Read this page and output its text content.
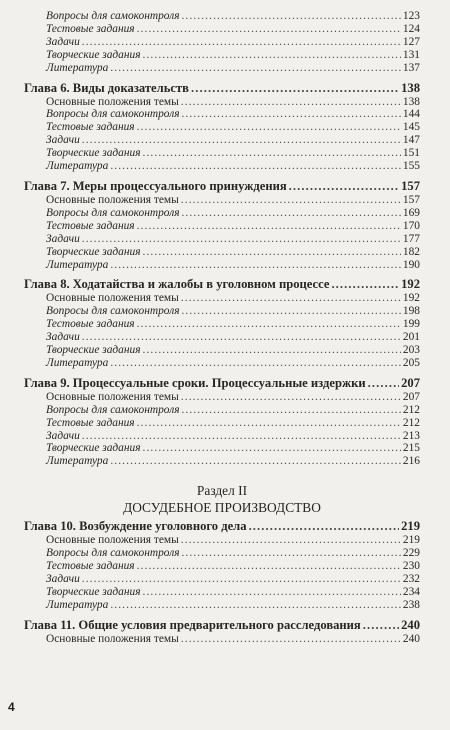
Вопросы для самоконтроля .....	123
Тестовые задания .....	124
Задачи .....	127
Творческие задания .....	131
Литература .....	137
Глава 6. Виды доказательств .....	138
Основные положения темы .....	138
Вопросы для самоконтроля .....	144
Тестовые задания .....	145
Задачи .....	147
Творческие задания .....	151
Литература .....	155
Глава 7. Меры процессуального принуждения .....	157
Основные положения темы .....	157
Вопросы для самоконтроля .....	169
Тестовые задания .....	170
Задачи .....	177
Творческие задания .....	182
Литература .....	190
Глава 8. Ходатайства и жалобы в уголовном процессе .....	192
Основные положения темы .....	192
Вопросы для самоконтроля .....	198
Тестовые задания .....	199
Задачи .....	201
Творческие задания .....	203
Литература .....	205
Глава 9. Процессуальные сроки. Процессуальные издержки .....	207
Основные положения темы .....	207
Вопросы для самоконтроля .....	212
Тестовые задания .....	212
Задачи .....	213
Творческие задания .....	215
Литература .....	216
Раздел II
ДОСУДЕБНОЕ ПРОИЗВОДСТВО
Глава 10. Возбуждение уголовного дела .....	219
Основные положения темы .....	219
Вопросы для самоконтроля .....	229
Тестовые задания .....	230
Задачи .....	232
Творческие задания .....	234
Литература .....	238
Глава 11. Общие условия предварительного расследования .....	240
Основные положения темы .....	240
4
